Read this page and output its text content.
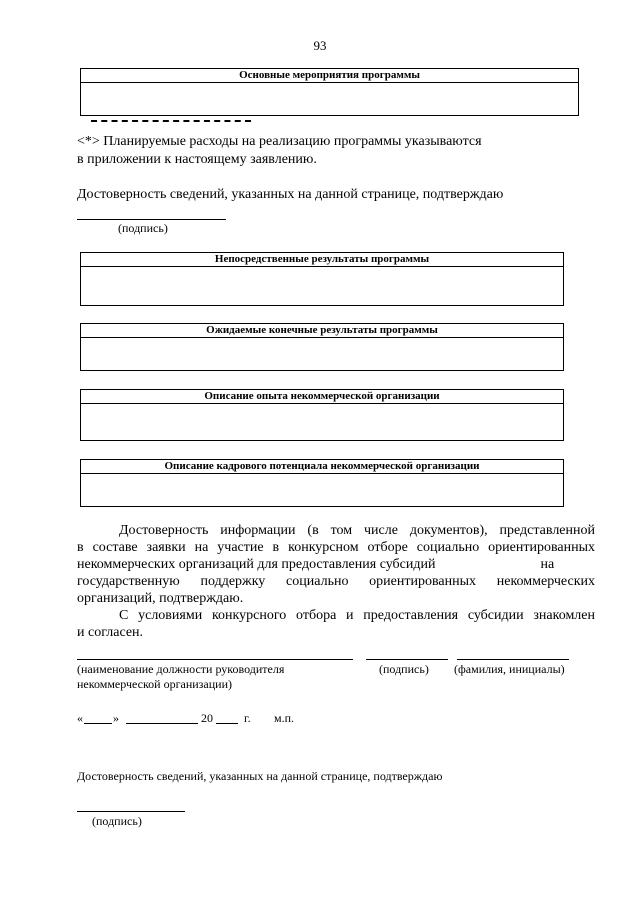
93
Основные мероприятия программы
<*> Планируемые расходы на реализацию программы указываются
в приложении к настоящему заявлению.
Достоверность сведений, указанных на данной странице, подтверждаю
(подпись)
Непосредственные результаты программы
Ожидаемые конечные результаты программы
Описание опыта некоммерческой организации
Описание кадрового потенциала некоммерческой организации
Достоверность информации (в том числе документов), представленной
в составе заявки на участие в конкурсном отборе социально ориентированных
некоммерческих организаций для предоставления субсидий                              на
государственную поддержку социально ориентированных некоммерческих
организаций, подтверждаю.
С условиями конкурсного отбора и предоставления субсидии знакомлен
и согласен.
(наименование должности руководителя
некоммерческой организации)
(подпись) (фамилия, инициалы)
«	»	20	г. м.п.
Достоверность сведений, указанных на данной странице, подтверждаю
(подпись)
